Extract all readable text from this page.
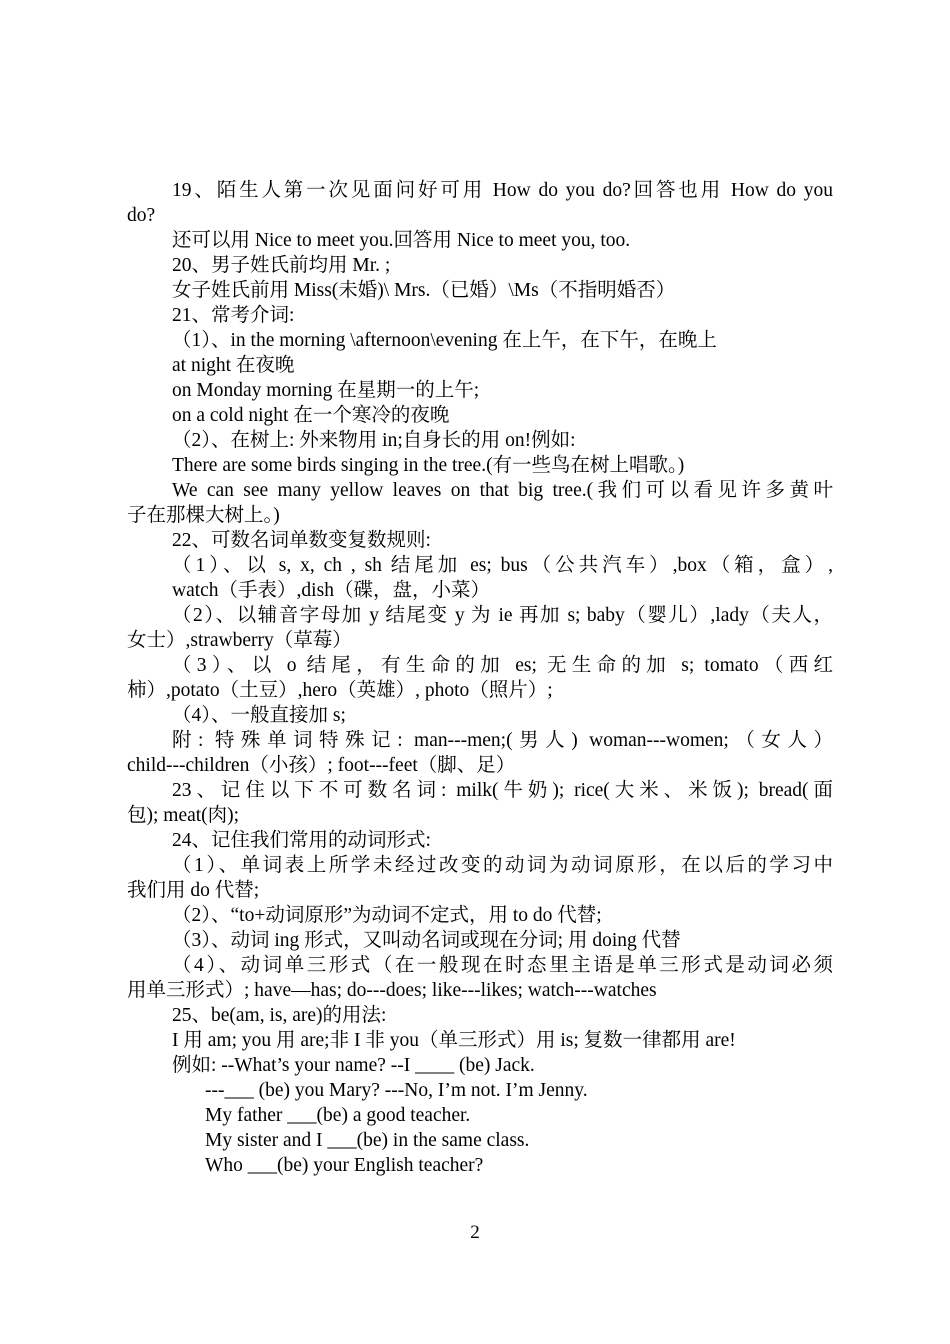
19、陌生人第一次见面问好可用 How do you do?回答也用 How do you
do?
还可以用 Nice to meet you.回答用 Nice to meet you, too.
20、男子姓氏前均用 Mr. ;
女子姓氏前用 Miss(未婚)\ Mrs.（已婚）\Ms（不指明婚否）
21、常考介词:
（1）、in the morning \afternoon\evening 在上午，在下午，在晚上
at night 在夜晚
on Monday morning 在星期一的上午;
on a cold night 在一个寒冷的夜晚
（2）、在树上: 外来物用 in;自身长的用 on!例如:
There are some birds singing in the tree.(有一些鸟在树上唱歌。)
We can see many yellow leaves on that big tree.(我们可以看见许多黄叶
子在那棵大树上。)
22、可数名词单数变复数规则:
（1）、以 s, x, ch , sh 结尾加 es; bus（公共汽车）,box（箱，盒）,
watch（手表）,dish（碟，盘，小菜）
（2）、以辅音字母加 y 结尾变 y 为 ie 再加 s; baby（婴儿）,lady（夫人，
女士）,strawberry（草莓）
（3）、以 o 结尾，有生命的加 es; 无生命的加 s; tomato（西红
柿）,potato（土豆）,hero（英雄）, photo（照片）;
（4）、一般直接加 s;
附: 特殊单词特殊记: man---men;(男人) woman---women;（女人）
child---children（小孩）; foot---feet（脚、足）
23、记住以下不可数名词: milk(牛奶); rice(大米、米饭); bread(面
包); meat(肉);
24、记住我们常用的动词形式:
（1）、单词表上所学未经过改变的动词为动词原形，在以后的学习中
我们用 do 代替;
（2）、“to+动词原形”为动词不定式，用 to do 代替;
（3）、动词 ing 形式，又叫动名词或现在分词; 用 doing 代替
（4）、动词单三形式（在一般现在时态里主语是单三形式是动词必须
用单三形式）; have—has; do---does; like---likes; watch---watches
25、be(am, is, are)的用法:
I 用 am; you 用 are;非 I 非 you（单三形式）用 is; 复数一律都用 are!
例如: --What’s your name? --I ____ (be) Jack.
---___ (be) you Mary? ---No, I’m not. I’m Jenny.
My father ___(be) a good teacher.
My sister and I ___(be) in the same class.
Who ___(be) your English teacher?
2
